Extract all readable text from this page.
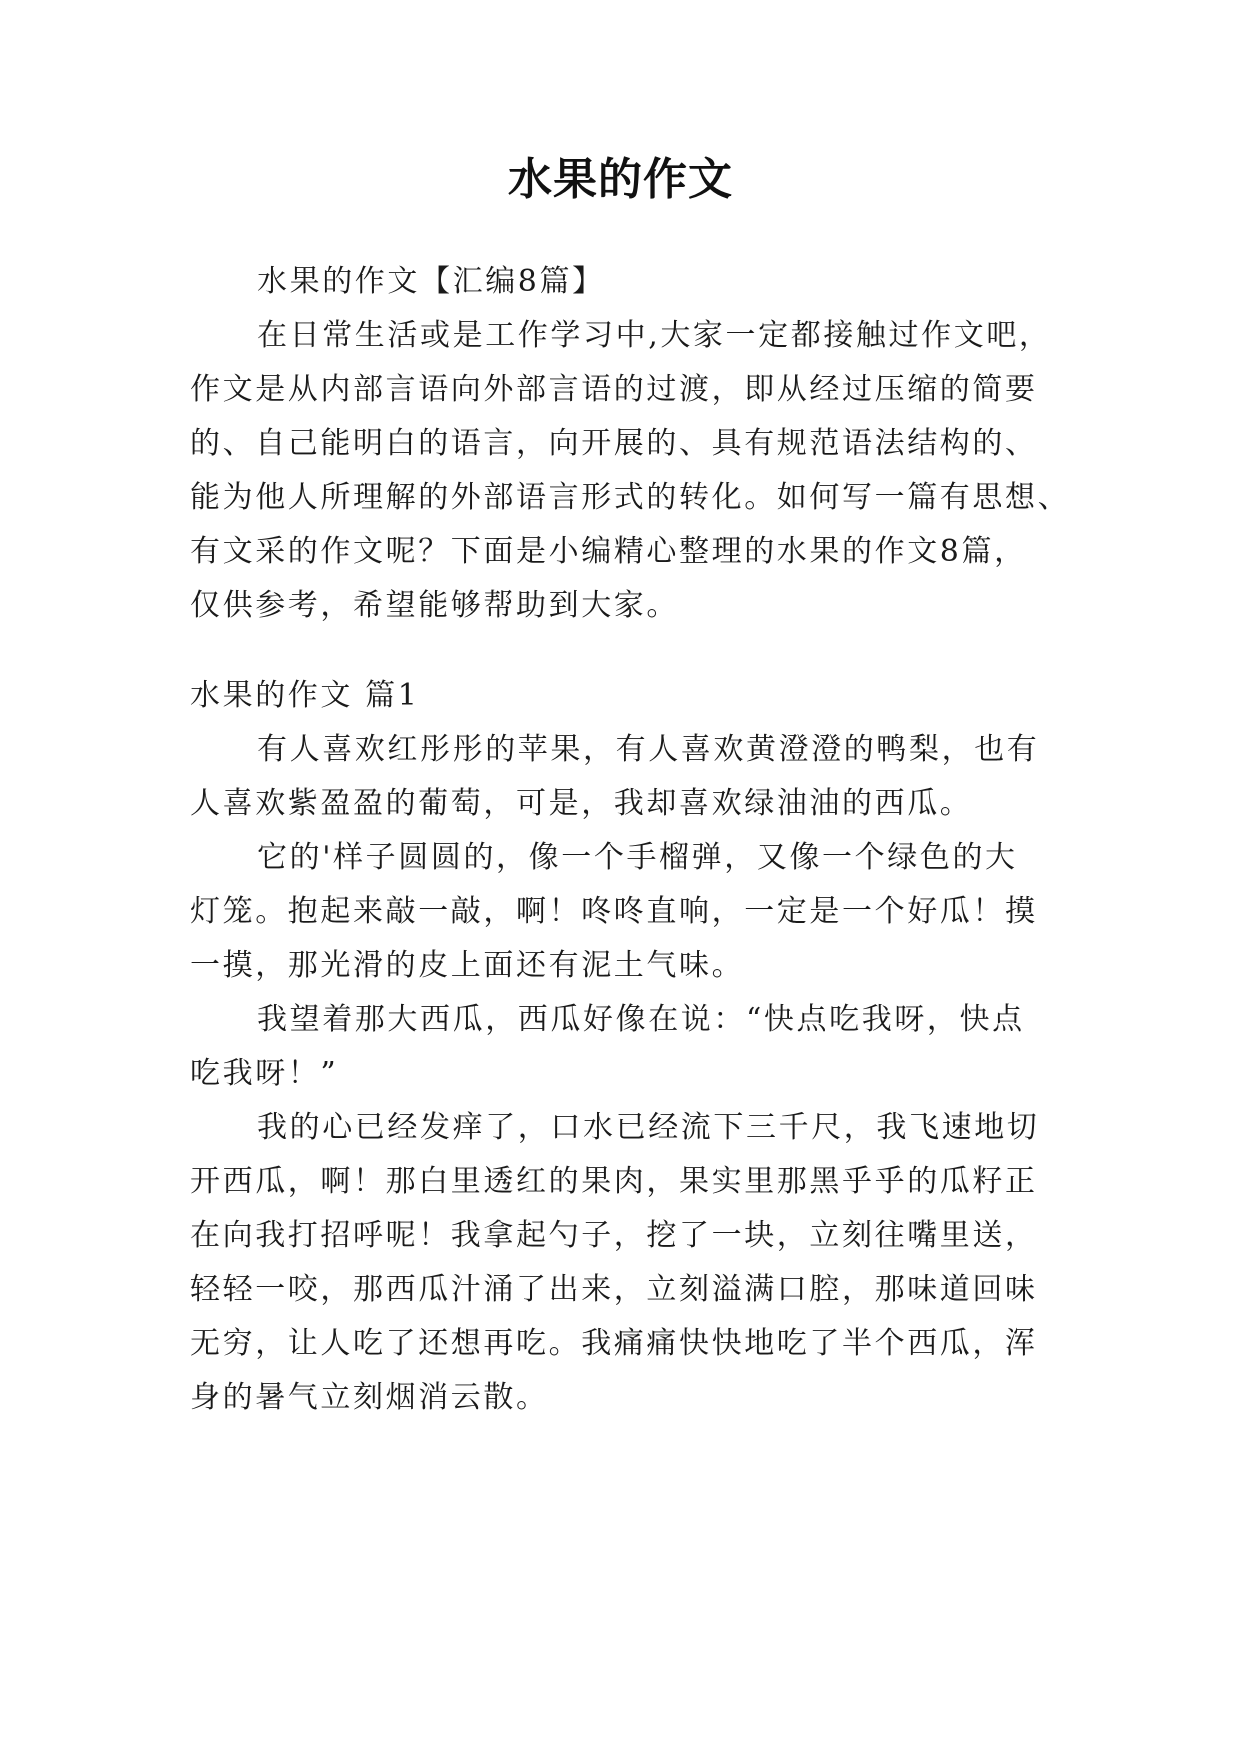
水果的作文
水果的作文【汇编8篇】
在日常生活或是工作学习中,大家一定都接触过作文吧，
作文是从内部言语向外部言语的过渡，即从经过压缩的简要
的、自己能明白的语言，向开展的、具有规范语法结构的、
能为他人所理解的外部语言形式的转化。如何写一篇有思想、
有文采的作文呢？下面是小编精心整理的水果的作文8篇，
仅供参考，希望能够帮助到大家。
水果的作文 篇1
有人喜欢红彤彤的苹果，有人喜欢黄澄澄的鸭梨，也有
人喜欢紫盈盈的葡萄，可是，我却喜欢绿油油的西瓜。
它的'样子圆圆的，像一个手榴弹，又像一个绿色的大
灯笼。抱起来敲一敲，啊！咚咚直响，一定是一个好瓜！摸
一摸，那光滑的皮上面还有泥土气味。
我望着那大西瓜，西瓜好像在说：“快点吃我呀，快点
吃我呀！”
我的心已经发痒了，口水已经流下三千尺，我飞速地切
开西瓜，啊！那白里透红的果肉，果实里那黑乎乎的瓜籽正
在向我打招呼呢！我拿起勺子，挖了一块，立刻往嘴里送，
轻轻一咬，那西瓜汁涌了出来，立刻溢满口腔，那味道回味
无穷，让人吃了还想再吃。我痛痛快快地吃了半个西瓜，浑
身的暑气立刻烟消云散。
